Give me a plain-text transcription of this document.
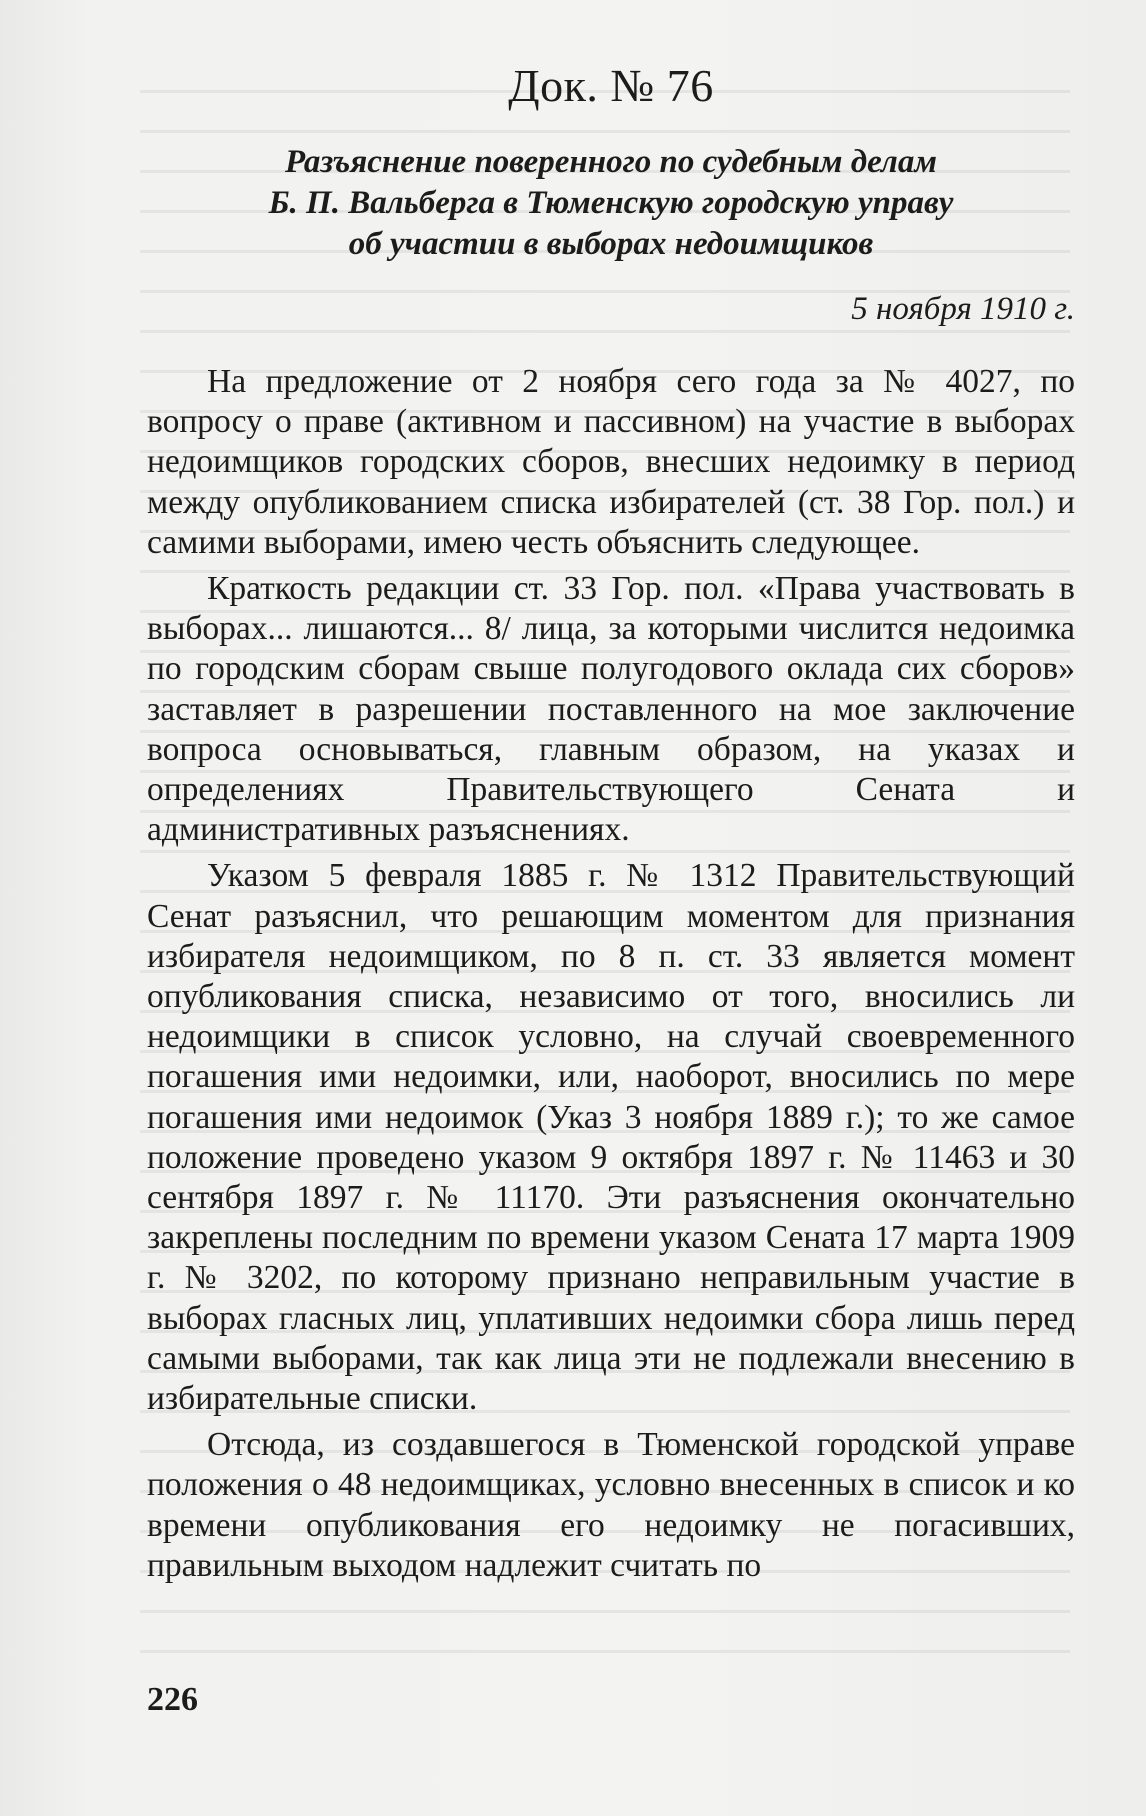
Док. № 76
Разъяснение поверенного по судебным делам
Б. П. Вальберга в Тюменскую городскую управу
об участии в выборах недоимщиков
5 ноября 1910 г.

На предложение от 2 ноября сего года за № 4027, по вопросу о праве (активном и пассивном) на участие в выборах недоимщиков городских сборов, внесших недоимку в период между опубликованием списка избирателей (ст. 38 Гор. пол.) и самими выборами, имею честь объяснить следующее.

Краткость редакции ст. 33 Гор. пол. «Права участвовать в выборах... лишаются... 8/ лица, за которыми числится недоимка по городским сборам свыше полугодового оклада сих сборов» заставляет в разрешении поставленного на мое заключение вопроса основываться, главным образом, на указах и определениях Правительствующего Сената и административных разъяснениях.

Указом 5 февраля 1885 г. № 1312 Правительствующий Сенат разъяснил, что решающим моментом для признания избирателя недоимщиком, по 8 п. ст. 33 является момент опубликования списка, независимо от того, вносились ли недоимщики в список условно, на случай своевременного погашения ими недоимки, или, наоборот, вносились по мере погашения ими недоимок (Указ 3 ноября 1889 г.); то же самое положение проведено указом 9 октября 1897 г. № 11463 и 30 сентября 1897 г. № 11170. Эти разъяснения окончательно закреплены последним по времени указом Сената 17 марта 1909 г. № 3202, по которому признано неправильным участие в выборах гласных лиц, уплативших недоимки сбора лишь перед самыми выборами, так как лица эти не подлежали внесению в избирательные списки.

Отсюда, из создавшегося в Тюменской городской управе положения о 48 недоимщиках, условно внесенных в список и ко времени опубликования его недоимку не погасивших, правильным выходом надлежит считать по

226
